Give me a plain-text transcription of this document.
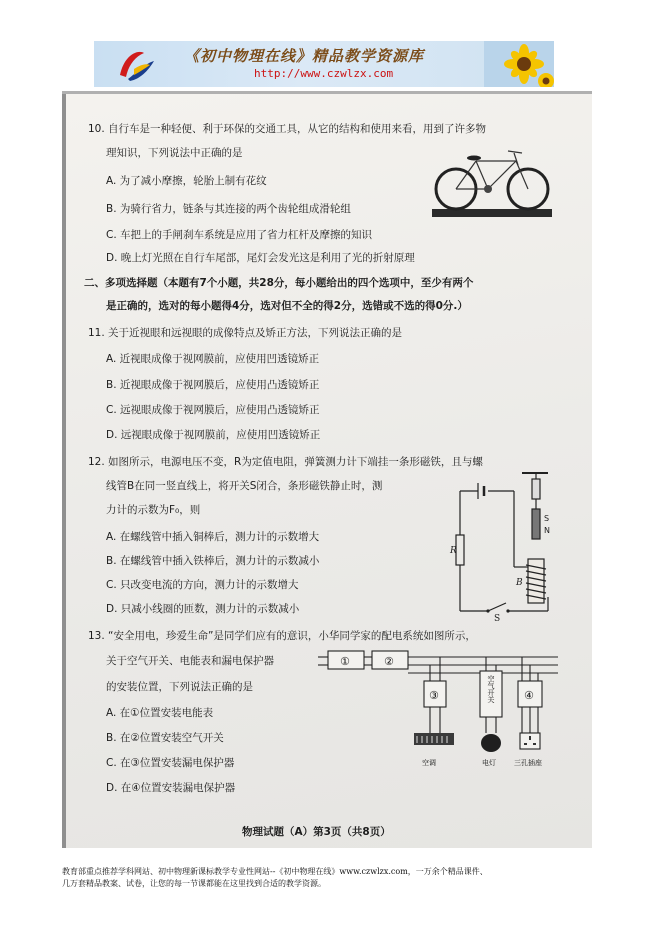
《初中物理在线》精品教学资源库
http://www.czwlzx.com
10. 自行车是一种轻便、利于环保的交通工具，从它的结构和使用来看，用到了许多物
理知识，下列说法中正确的是
A. 为了减小摩擦，轮胎上制有花纹
B. 为骑行省力，链条与其连接的两个齿轮组成滑轮组
C. 车把上的手闸刹车系统是应用了省力杠杆及摩擦的知识
D. 晚上灯光照在自行车尾部，尾灯会发光这是利用了光的折射原理
二、多项选择题（本题有7个小题，共28分，每小题给出的四个选项中，至少有两个
是正确的，选对的每小题得4分，选对但不全的得2分，选错或不选的得0分.）
11. 关于近视眼和远视眼的成像特点及矫正方法，下列说法正确的是
A. 近视眼成像于视网膜前，应使用凹透镜矫正
B. 近视眼成像于视网膜后，应使用凸透镜矫正
C. 远视眼成像于视网膜后，应使用凸透镜矫正
D. 远视眼成像于视网膜前，应使用凹透镜矫正
12. 如图所示，电源电压不变，R为定值电阻，弹簧测力计下端挂一条形磁铁，且与螺
线管B在同一竖直线上，将开关S闭合，条形磁铁静止时，测
力计的示数为F₀，则
A. 在螺线管中插入铜棒后，测力计的示数增大
B. 在螺线管中插入铁棒后，测力计的示数减小
C. 只改变电流的方向，测力计的示数增大
D. 只减小线圈的匝数，测力计的示数减小
R
S
N
B
S
13. “安全用电，珍爱生命”是同学们应有的意识，小华同学家的配电系统如图所示，
关于空气开关、电能表和漏电保护器
的安装位置，下列说法正确的是
A. 在①位置安装电能表
B. 在②位置安装空气开关
C. 在③位置安装漏电保护器
D. 在④位置安装漏电保护器
①	②
③	④
空气开关
空调	电灯	三孔插座
物理试题（A）第3页（共8页）
教育部重点推荐学科网站、初中物理新课标教学专业性网站--《初中物理在线》www.czwlzx.com，一万余个精品课件、
几万套精品教案、试卷，让您的每一节课都能在这里找到合适的教学资源。
